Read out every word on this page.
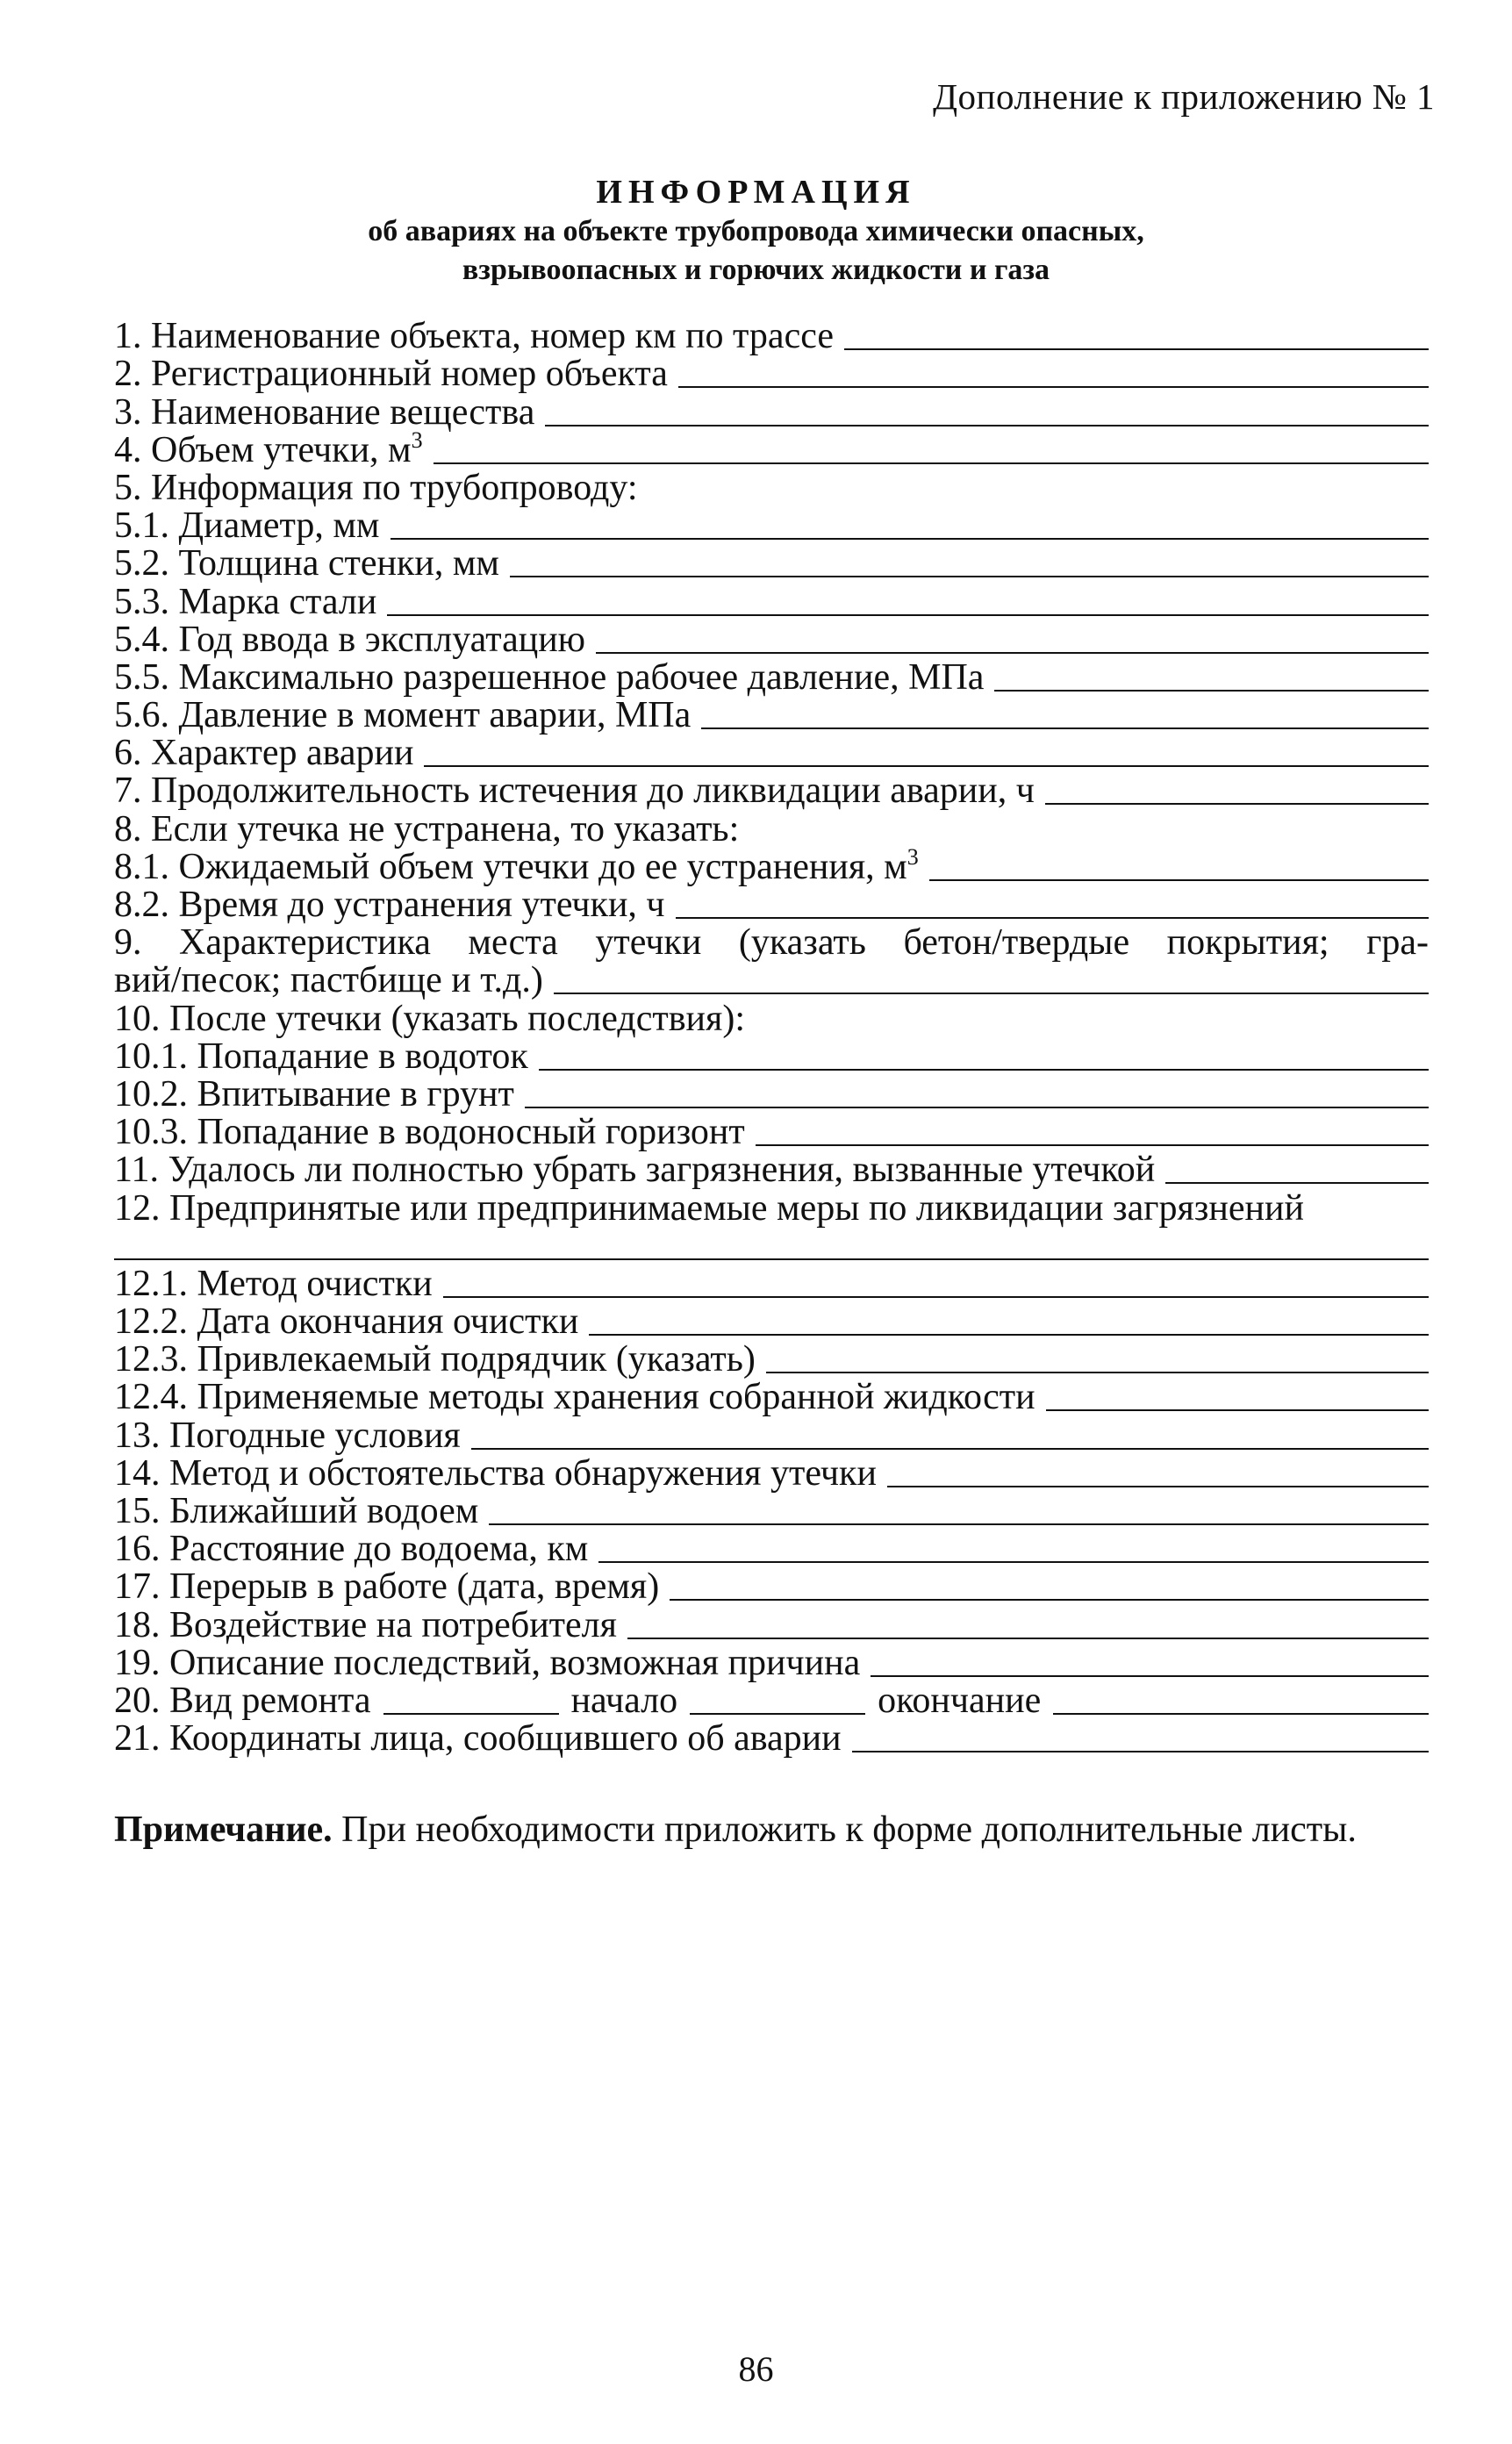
Дополнение к приложению № 1
ИНФОРМАЦИЯ
об авариях на объекте трубопровода химически опасных,
взрывоопасных и горючих жидкости и газа
1. Наименование объекта, номер км по трассе
2. Регистрационный номер объекта
3. Наименование вещества
4. Объем утечки, $м^3$
5. Информация по трубопроводу:
5.1. Диаметр, мм
5.2. Толщина стенки, мм
5.3. Марка стали
5.4. Год ввода в эксплуатацию
5.5. Максимально разрешенное рабочее давление, МПа
5.6. Давление в момент аварии, МПа
6. Характер аварии
7. Продолжительность истечения до ликвидации аварии, ч
8. Если утечка не устранена, то указать:
8.1. Ожидаемый объем утечки до ее устранения, $м^3$
8.2. Время до устранения утечки, ч
9. Характеристика места утечки (указать бетон/твердые покрытия; гра-
вий/песок; пастбище и т.д.)
10. После утечки (указать последствия):
10.1. Попадание в водоток
10.2. Впитывание в грунт
10.3. Попадание в водоносный горизонт
11. Удалось ли полностью убрать загрязнения, вызванные утечкой
12. Предпринятые или предпринимаемые меры по ликвидации загрязнений
12.1. Метод очистки
12.2. Дата окончания очистки
12.3. Привлекаемый подрядчик (указать)
12.4. Применяемые методы хранения собранной жидкости
13. Погодные условия
14. Метод и обстоятельства обнаружения утечки
15. Ближайший водоем
16. Расстояние до водоема, км
17. Перерыв в работе (дата, время)
18. Воздействие на потребителя
19. Описание последствий, возможная причина
20. Вид ремонта	начало	окончание
21. Координаты лица, сообщившего об аварии
Примечание. При необходимости приложить к форме дополнительные листы.
86
